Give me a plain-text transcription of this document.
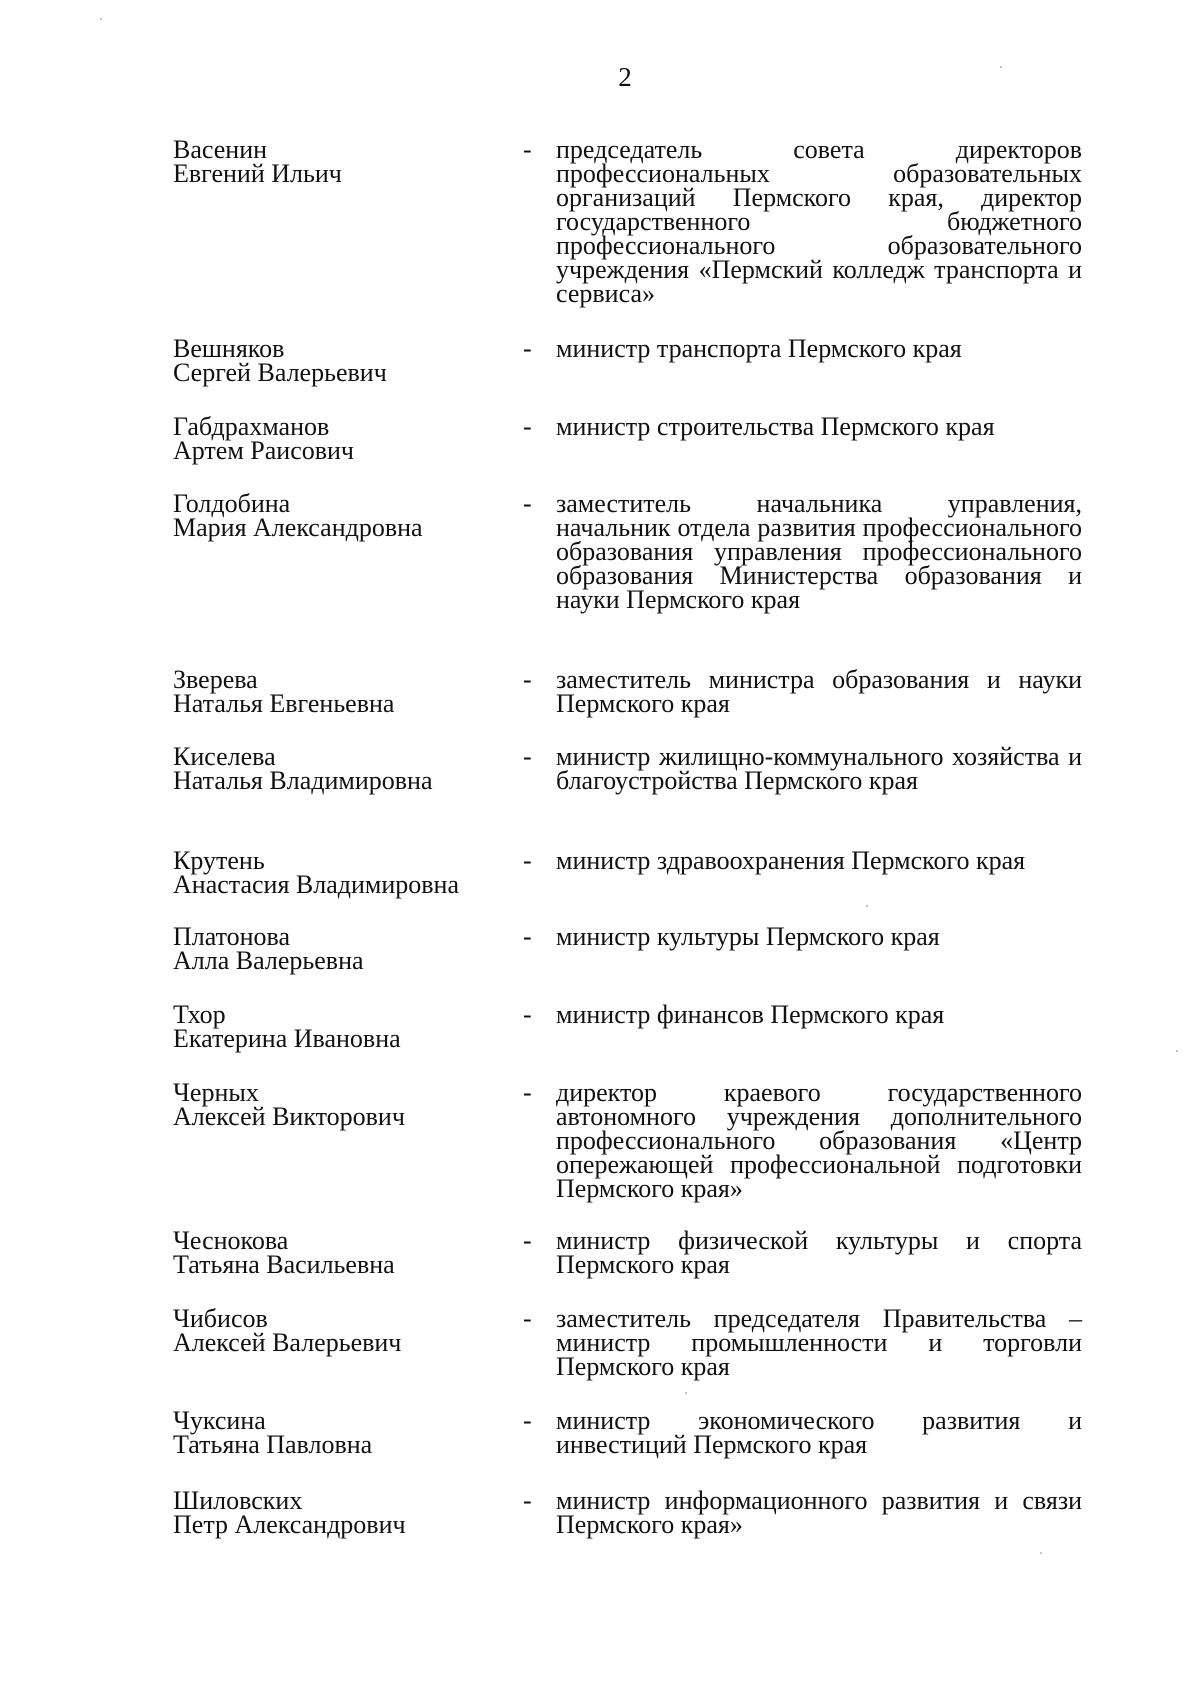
2
Васенин
Евгений Ильич
- председатель совета директоров профессиональных образовательных организаций Пермского края, директор государственного бюджетного профессионального образовательного учреждения «Пермский колледж транспорта и сервиса»
Вешняков
Сергей Валерьевич
- министр транспорта Пермского края
Габдрахманов
Артем Раисович
- министр строительства Пермского края
Голдобина
Мария Александровна
- заместитель начальника управления, начальник отдела развития профессионального образования управления профессионального образования Министерства образования и науки Пермского края
Зверева
Наталья Евгеньевна
- заместитель министра образования и науки Пермского края
Киселева
Наталья Владимировна
- министр жилищно-коммунального хозяйства и благоустройства Пермского края
Крутень
Анастасия Владимировна
- министр здравоохранения Пермского края
Платонова
Алла Валерьевна
- министр культуры Пермского края
Тхор
Екатерина Ивановна
- министр финансов Пермского края
Черных
Алексей Викторович
- директор краевого государственного автономного учреждения дополнительного профессионального образования «Центр опережающей профессиональной подготовки Пермского края»
Чеснокова
Татьяна Васильевна
- министр физической культуры и спорта Пермского края
Чибисов
Алексей Валерьевич
- заместитель председателя Правительства – министр промышленности и торговли Пермского края
Чуксина
Татьяна Павловна
- министр экономического развития и инвестиций Пермского края
Шиловских
Петр Александрович
- министр информационного развития и связи Пермского края»
